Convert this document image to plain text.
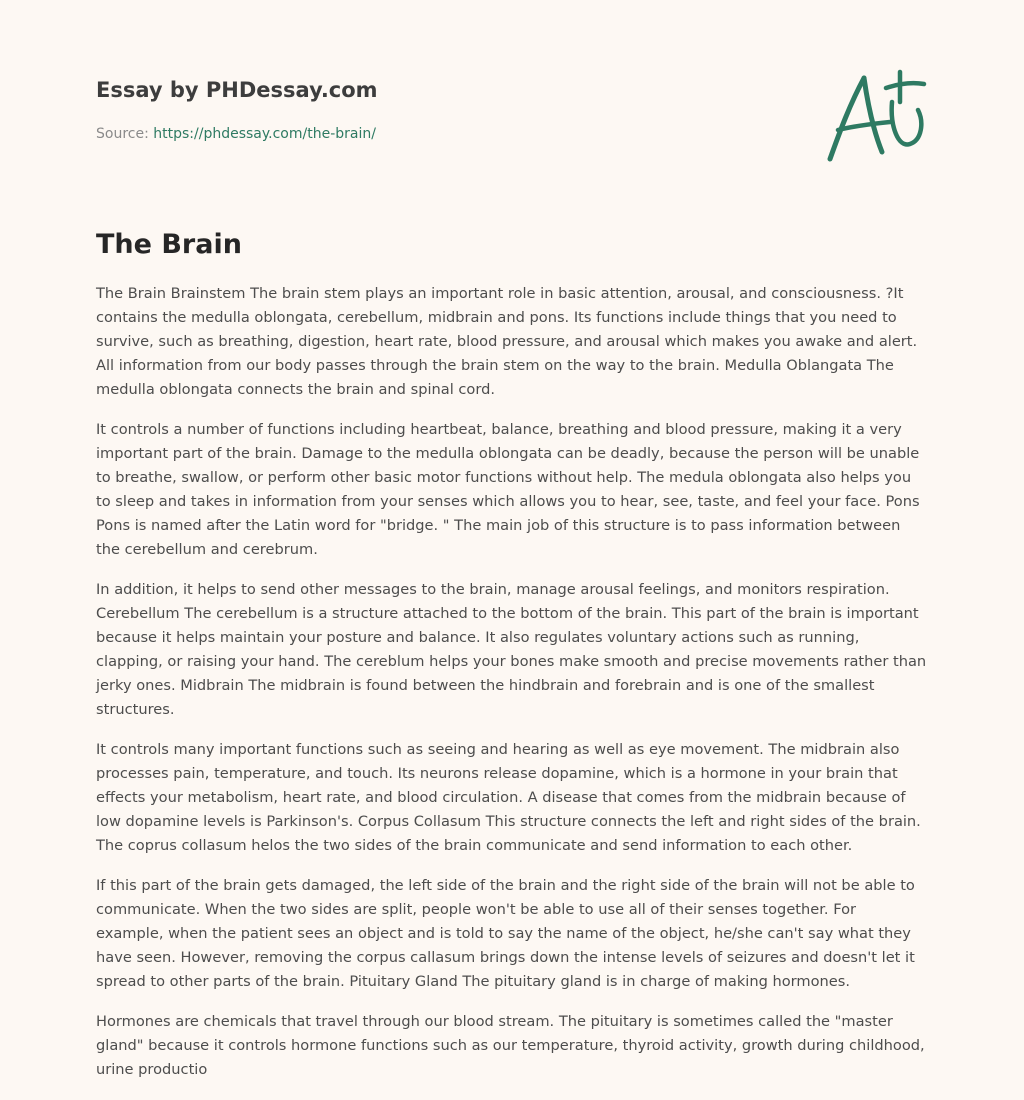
Essay by PHDessay.com
Source: https://phdessay.com/the-brain/
The Brain

The Brain Brainstem The brain stem plays an important role in basic attention, arousal, and consciousness. ?It contains the medulla oblongata, cerebellum, midbrain and pons. Its functions include things that you need to survive, such as breathing, digestion, heart rate, blood pressure, and arousal which makes you awake and alert. All information from our body passes through the brain stem on the way to the brain. Medulla Oblangata The medulla oblongata connects the brain and spinal cord.

It controls a number of functions including heartbeat, balance, breathing and blood pressure, making it a very important part of the brain. Damage to the medulla oblongata can be deadly, because the person will be unable to breathe, swallow, or perform other basic motor functions without help. The medula oblongata also helps you to sleep and takes in information from your senses which allows you to hear, see, taste, and feel your face. Pons Pons is named after the Latin word for "bridge. " The main job of this structure is to pass information between the cerebellum and cerebrum.

In addition, it helps to send other messages to the brain, manage arousal feelings, and monitors respiration. Cerebellum The cerebellum is a structure attached to the bottom of the brain. This part of the brain is important because it helps maintain your posture and balance. It also regulates voluntary actions such as running, clapping, or raising your hand. The cereblum helps your bones make smooth and precise movements rather than jerky ones. Midbrain The midbrain is found between the hindbrain and forebrain and is one of the smallest structures.

It controls many important functions such as seeing and hearing as well as eye movement. The midbrain also processes pain, temperature, and touch. Its neurons release dopamine, which is a hormone in your brain that effects your metabolism, heart rate, and blood circulation. A disease that comes from the midbrain because of low dopamine levels is Parkinson's. Corpus Collasum This structure connects the left and right sides of the brain. The coprus collasum helos the two sides of the brain communicate and send information to each other.

If this part of the brain gets damaged, the left side of the brain and the right side of the brain will not be able to communicate. When the two sides are split, people won't be able to use all of their senses together. For example, when the patient sees an object and is told to say the name of the object, he/she can't say what they have seen. However, removing the corpus callasum brings down the intense levels of seizures and doesn't let it spread to other parts of the brain. Pituitary Gland The pituitary gland is in charge of making hormones.

Hormones are chemicals that travel through our blood stream. The pituitary is sometimes called the "master gland" because it controls hormone functions such as our temperature, thyroid activity, growth during childhood, urine productio
